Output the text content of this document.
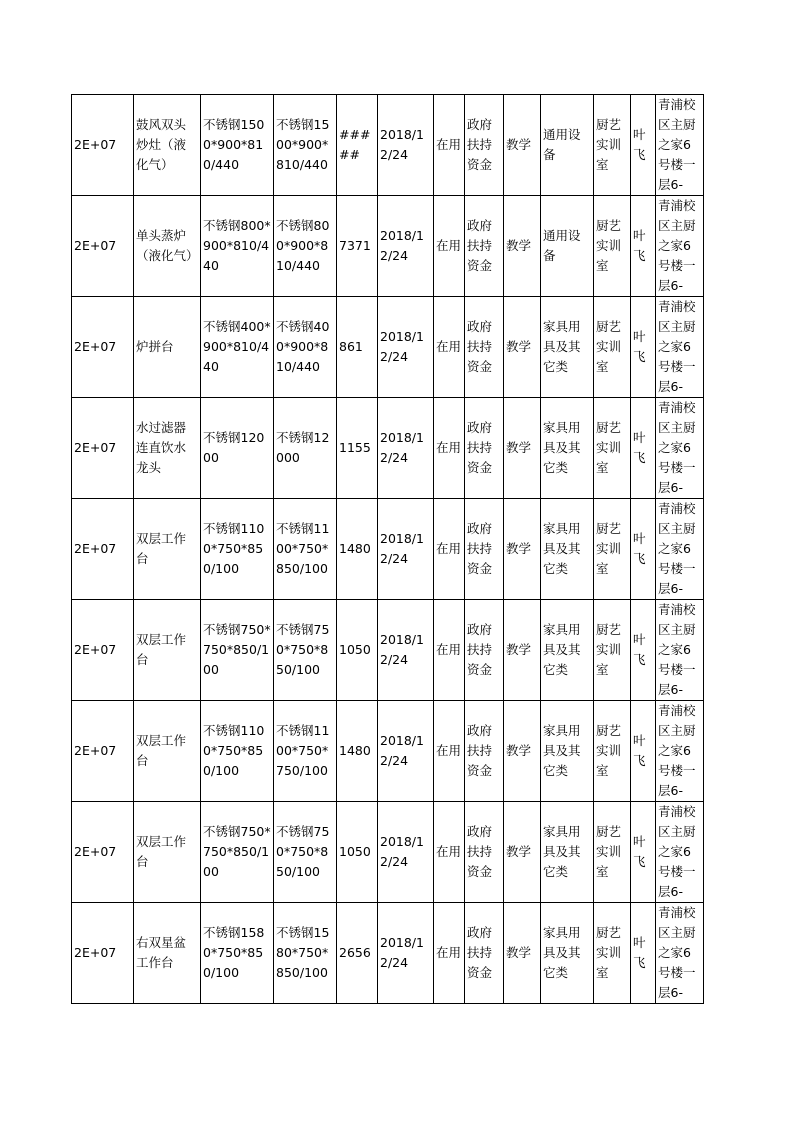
2E+07	鼓风双头炒灶（液化气）	不锈钢1500*900*810/440	不锈钢1500*900*810/440	#####	2018/12/24	在用	政府扶持资金	教学	通用设备	厨艺实训室	叶飞	青浦校区主厨之家6号楼一层6-
2E+07	单头蒸炉（液化气）	不锈钢800*900*810/440	不锈钢800*900*810/440	7371	2018/12/24	在用	政府扶持资金	教学	通用设备	厨艺实训室	叶飞	青浦校区主厨之家6号楼一层6-
2E+07	炉拼台	不锈钢400*900*810/440	不锈钢400*900*810/440	861	2018/12/24	在用	政府扶持资金	教学	家具用具及其它类	厨艺实训室	叶飞	青浦校区主厨之家6号楼一层6-
2E+07	水过滤器连直饮水龙头	不锈钢12000	不锈钢12000	1155	2018/12/24	在用	政府扶持资金	教学	家具用具及其它类	厨艺实训室	叶飞	青浦校区主厨之家6号楼一层6-
2E+07	双层工作台	不锈钢1100*750*850/100	不锈钢1100*750*850/100	1480	2018/12/24	在用	政府扶持资金	教学	家具用具及其它类	厨艺实训室	叶飞	青浦校区主厨之家6号楼一层6-
2E+07	双层工作台	不锈钢750*750*850/100	不锈钢750*750*850/100	1050	2018/12/24	在用	政府扶持资金	教学	家具用具及其它类	厨艺实训室	叶飞	青浦校区主厨之家6号楼一层6-
2E+07	双层工作台	不锈钢1100*750*850/100	不锈钢1100*750*750/100	1480	2018/12/24	在用	政府扶持资金	教学	家具用具及其它类	厨艺实训室	叶飞	青浦校区主厨之家6号楼一层6-
2E+07	双层工作台	不锈钢750*750*850/100	不锈钢750*750*850/100	1050	2018/12/24	在用	政府扶持资金	教学	家具用具及其它类	厨艺实训室	叶飞	青浦校区主厨之家6号楼一层6-
2E+07	右双星盆工作台	不锈钢1580*750*850/100	不锈钢1580*750*850/100	2656	2018/12/24	在用	政府扶持资金	教学	家具用具及其它类	厨艺实训室	叶飞	青浦校区主厨之家6号楼一层6-
